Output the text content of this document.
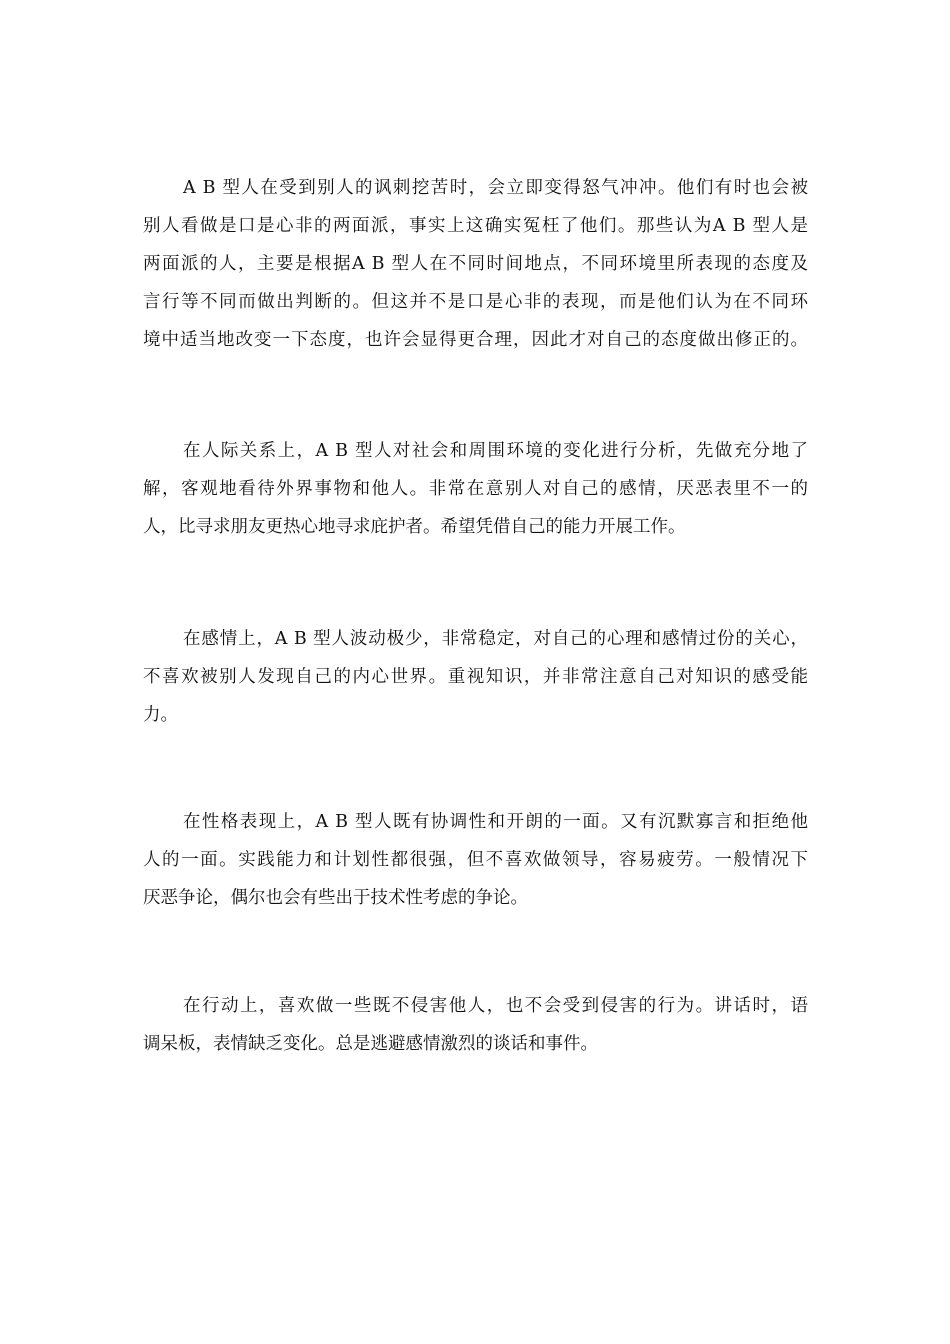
A B 型人在受到别人的讽刺挖苦时，会立即变得怒气冲冲。他们有时也会被
别人看做是口是心非的两面派，事实上这确实冤枉了他们。那些认为A B 型人是
两面派的人，主要是根据A B 型人在不同时间地点，不同环境里所表现的态度及
言行等不同而做出判断的。但这并不是口是心非的表现，而是他们认为在不同环
境中适当地改变一下态度，也许会显得更合理，因此才对自己的态度做出修正的。
在人际关系上，A B 型人对社会和周围环境的变化进行分析，先做充分地了
解，客观地看待外界事物和他人。非常在意别人对自己的感情，厌恶表里不一的
人，比寻求朋友更热心地寻求庇护者。希望凭借自己的能力开展工作。
在感情上，A B 型人波动极少，非常稳定，对自己的心理和感情过份的关心，
不喜欢被别人发现自己的内心世界。重视知识，并非常注意自己对知识的感受能
力。
在性格表现上，A B 型人既有协调性和开朗的一面。又有沉默寡言和拒绝他
人的一面。实践能力和计划性都很强，但不喜欢做领导，容易疲劳。一般情况下
厌恶争论，偶尔也会有些出于技术性考虑的争论。
在行动上，喜欢做一些既不侵害他人，也不会受到侵害的行为。讲话时，语
调呆板，表情缺乏变化。总是逃避感情激烈的谈话和事件。
